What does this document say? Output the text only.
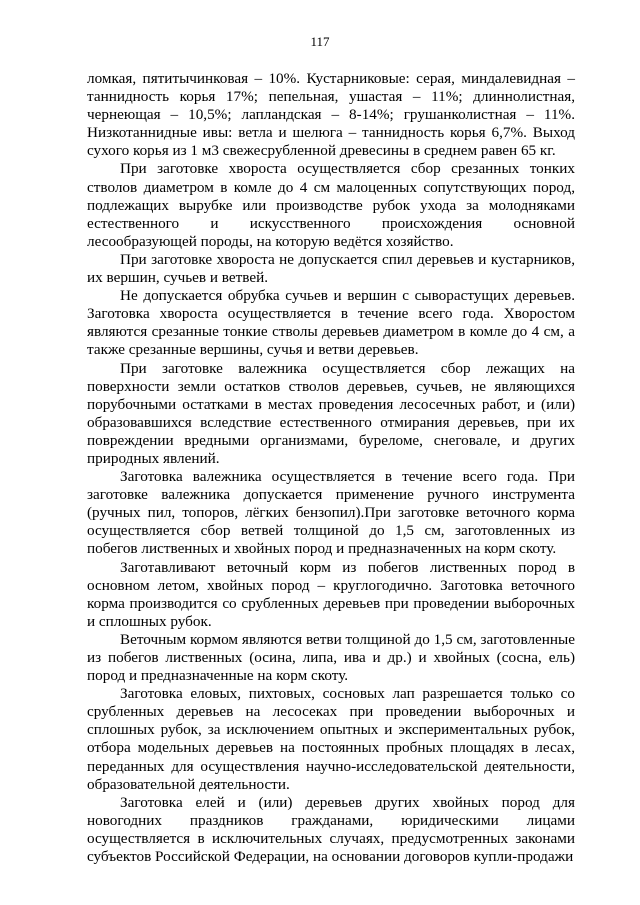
117

ломкая, пятитычинковая – 10%. Кустарниковые: серая, миндалевидная – таннидность корья 17%; пепельная, ушастая – 11%; длиннолистная, чернеющая – 10,5%; лапландская – 8-14%; грушанколистная – 11%. Низкотаннидные ивы: ветла и шелюга – таннидность корья 6,7%. Выход сухого корья из 1 м3 свежесрубленной древесины в среднем равен 65 кг.

При заготовке хвороста осуществляется сбор срезанных тонких стволов диаметром в комле до 4 см малоценных сопутствующих пород, подлежащих вырубке или производстве рубок ухода за молодняками естественного и искусственного происхождения основной лесообразующей породы, на которую ведётся хозяйство.

При заготовке хвороста не допускается спил деревьев и кустарников, их вершин, сучьев и ветвей.

Не допускается обрубка сучьев и вершин с сыворастущих деревьев. Заготовка хвороста осуществляется в течение всего года. Хворостом являются срезанные тонкие стволы деревьев диаметром в комле до 4 см, а также срезанные вершины, сучья и ветви деревьев.

При заготовке валежника осуществляется сбор лежащих на поверхности земли остатков стволов деревьев, сучьев, не являющихся порубочными остатками в местах проведения лесосечных работ, и (или) образовавшихся вследствие естественного отмирания деревьев, при их повреждении вредными организмами, буреломе, снеговале, и других природных явлений.

Заготовка валежника осуществляется в течение всего года. При заготовке валежника допускается применение ручного инструмента (ручных пил, топоров, лёгких бензопил).При заготовке веточного корма осуществляется сбор ветвей толщиной до 1,5 см, заготовленных из побегов лиственных и хвойных пород и предназначенных на корм скоту.

Заготавливают веточный корм из побегов лиственных пород в основном летом, хвойных пород – круглогодично. Заготовка веточного корма производится со срубленных деревьев при проведении выборочных и сплошных рубок.

Веточным кормом являются ветви толщиной до 1,5 см, заготовленные из побегов лиственных (осина, липа, ива и др.) и хвойных (сосна, ель) пород и предназначенные на корм скоту.

Заготовка еловых, пихтовых, сосновых лап разрешается только со срубленных деревьев на лесосеках при проведении выборочных и сплошных рубок, за исключением опытных и экспериментальных рубок, отбора модельных деревьев на постоянных пробных площадях в лесах, переданных для осуществления научно-исследовательской деятельности, образовательной деятельности.

Заготовка елей и (или) деревьев других хвойных пород для новогодних праздников гражданами, юридическими лицами осуществляется в исключительных случаях, предусмотренных законами субъектов Российской Федерации, на основании договоров купли-продажи
